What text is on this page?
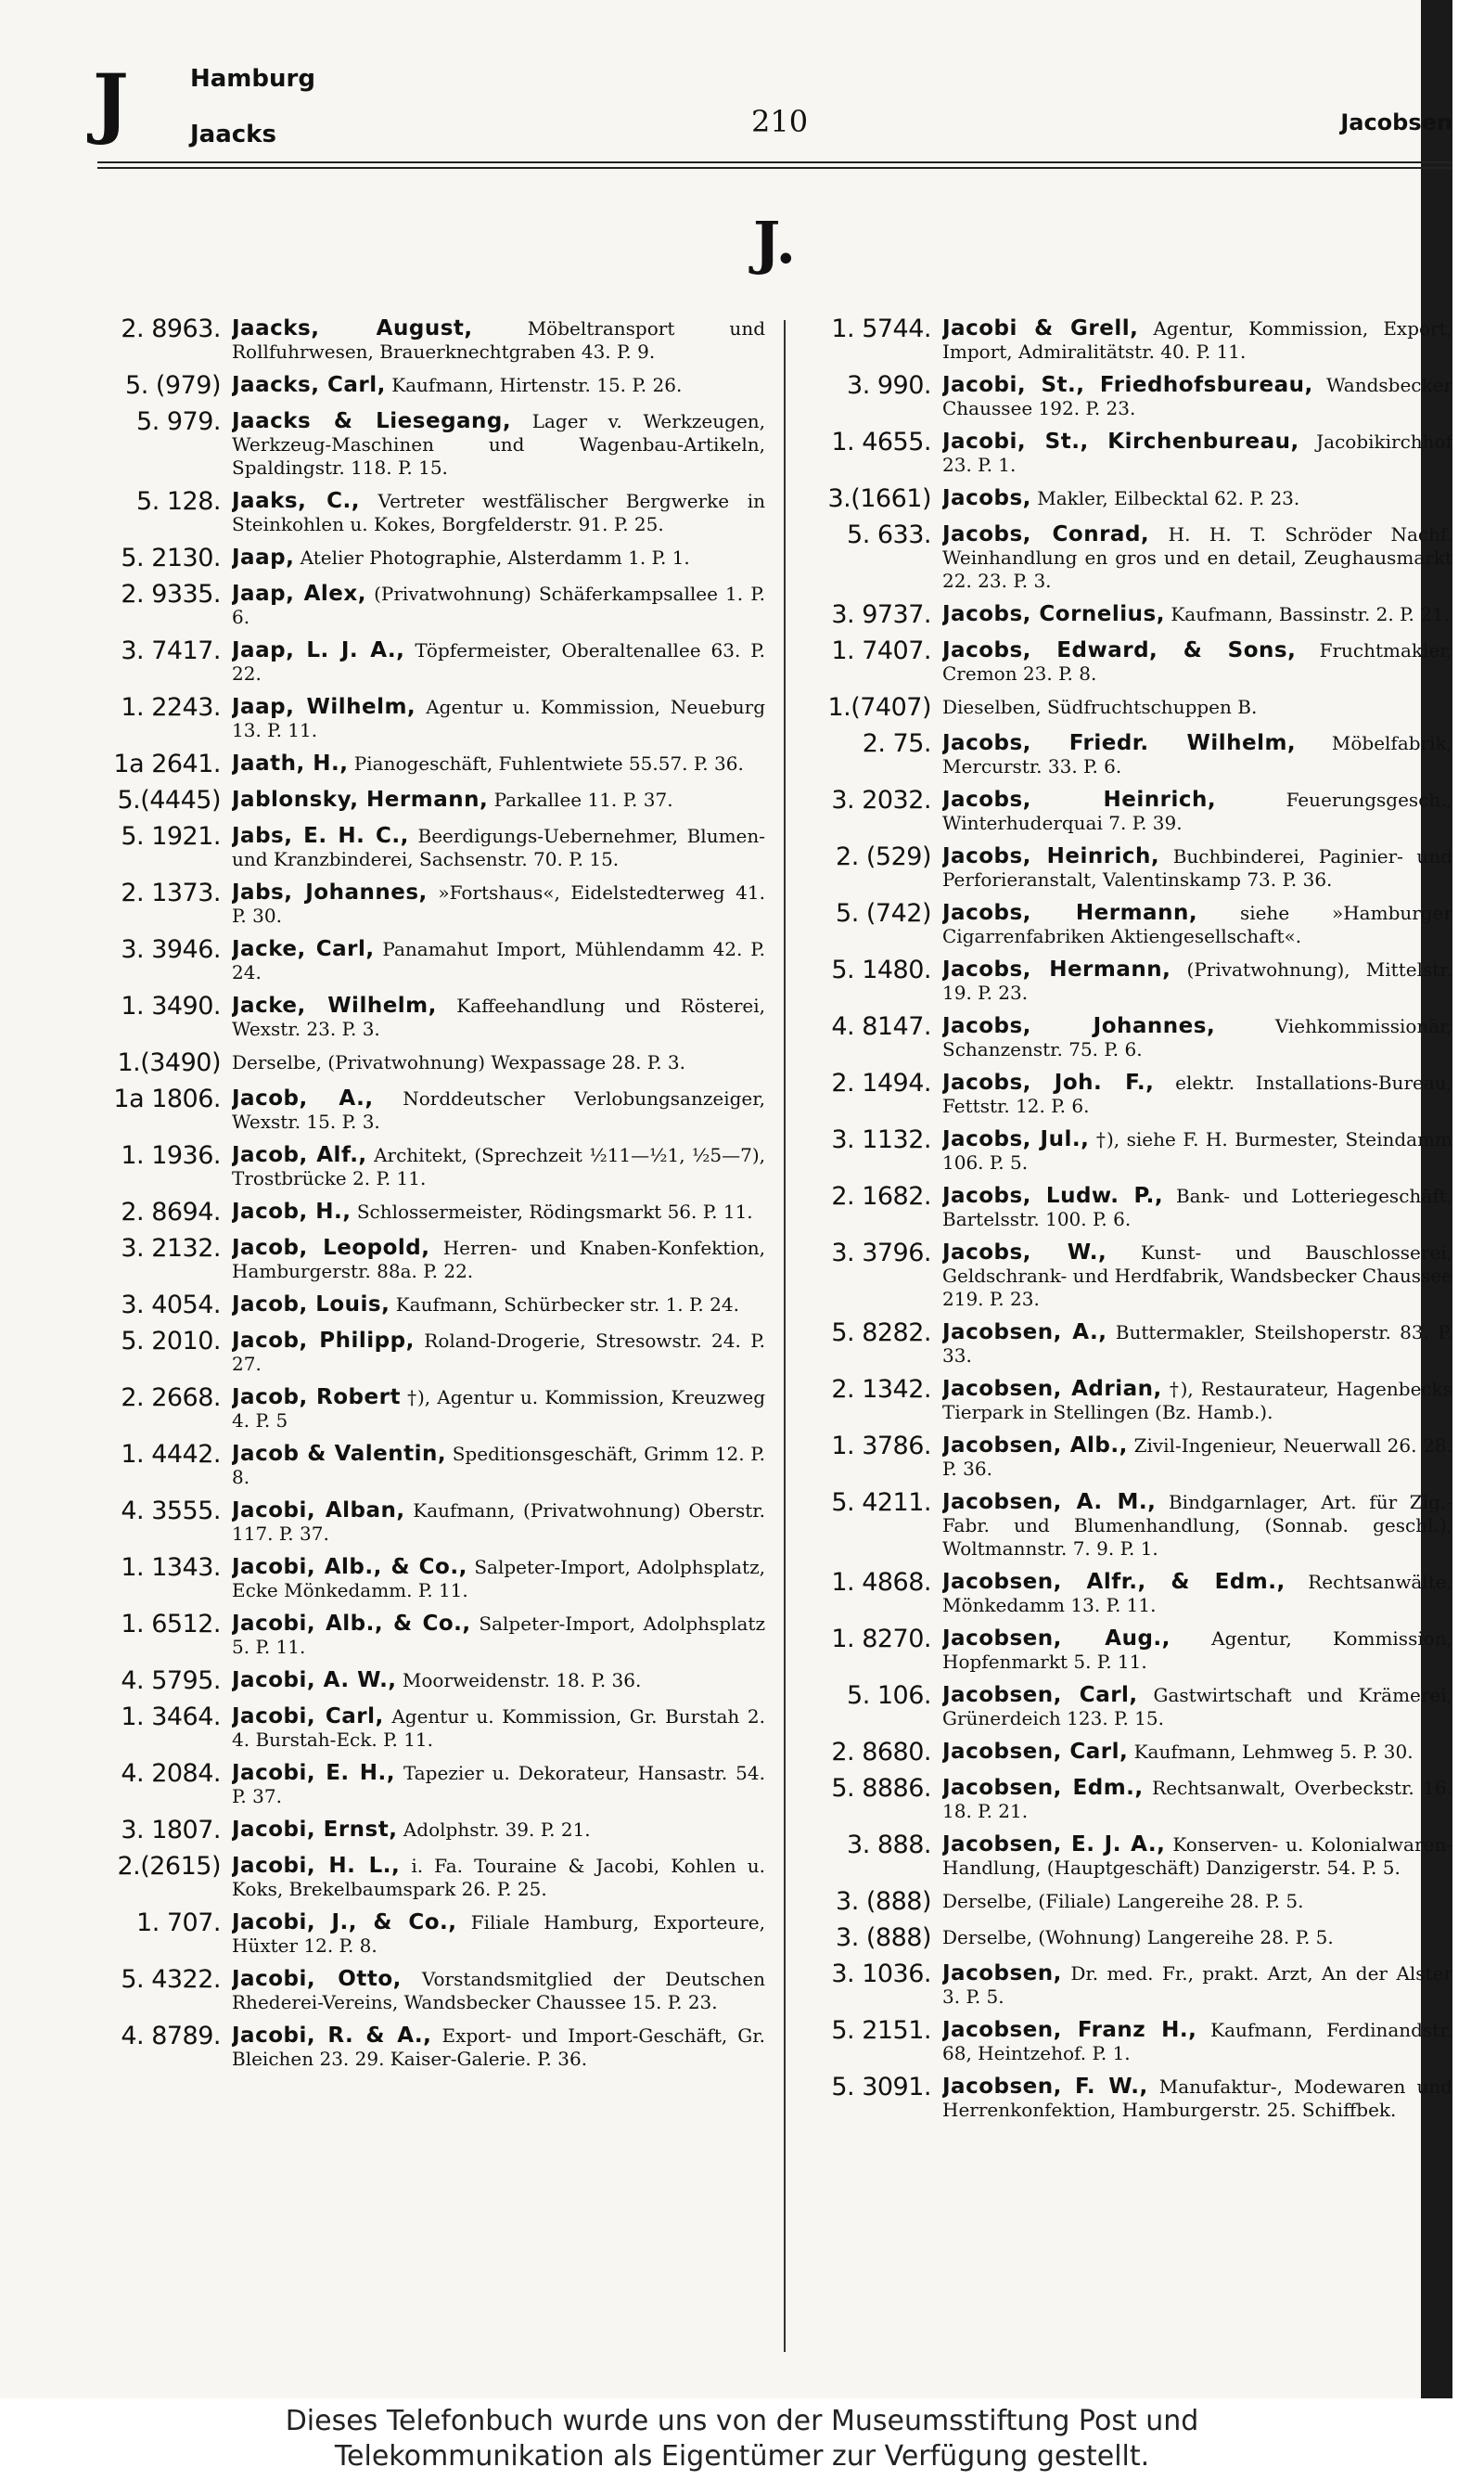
J	Hamburg
Jaacks	210	Jacobsen
J.
2. 8963. Jaacks, August,	Möbeltransport und Rollfuhrwesen, Brauerknechtgraben 43. P. 9.
5. (979) Jaacks, Carl, Kaufmann, Hirtenstr. 15. P. 26.
5. 979. Jaacks & Liesegang, Lager v. Werkzeugen, Werkzeug-Maschinen und Wagenbau-Artikeln, Spaldingstr. 118. P. 15.
5. 128. Jaaks, C., Vertreter westfälischer Bergwerke in Steinkohlen u. Kokes, Borgfelderstr. 91. P. 25.
5. 2130. Jaap, Atelier Photographie, Alsterdamm 1. P. 1.
2. 9335. Jaap, Alex, (Privatwohnung) Schäferkampsallee 1. P. 6.
3. 7417. Jaap, L. J. A., Töpfermeister, Oberaltenallee 63. P. 22.
1. 2243. Jaap, Wilhelm, Agentur u. Kommission, Neueburg 13. P. 11.
1a 2641. Jaath, H., Pianogeschäft, Fuhlentwiete 55.57. P. 36.
5.(4445) Jablonsky, Hermann, Parkallee 11. P. 37.
5. 1921. Jabs, E. H. C., Beerdigungs-Uebernehmer, Blumen- und Kranzbinderei, Sachsenstr. 70. P. 15.
2. 1373. Jabs, Johannes, »Fortshaus«, Eidelstedterweg 41. P. 30.
3. 3946. Jacke, Carl, Panamahut Import, Mühlendamm 42. P. 24.
1. 3490. Jacke, Wilhelm, Kaffeehandlung und Rösterei, Wexstr. 23. P. 3.
1.(3490) Derselbe, (Privatwohnung) Wexpassage 28. P. 3.
1a 1806. Jacob, A., Norddeutscher Verlobungsanzeiger, Wexstr. 15. P. 3.
1. 1936. Jacob, Alf., Architekt, (Sprechzeit ½11—½1, ½5—7), Trostbrücke 2. P. 11.
2. 8694. Jacob, H., Schlossermeister, Rödingsmarkt 56. P. 11.
3. 2132. Jacob, Leopold, Herren- und Knaben-Konfektion, Hamburgerstr. 88a. P. 22.
3. 4054. Jacob, Louis, Kaufmann, Schürbecker str. 1. P. 24.
5. 2010. Jacob, Philipp, Roland-Drogerie, Stresowstr. 24. P. 27.
2. 2668. Jacob, Robert †), Agentur u. Kommission, Kreuzweg 4. P. 5
1. 4442. Jacob & Valentin, Speditionsgeschäft, Grimm 12. P. 8.
4. 3555. Jacobi, Alban, Kaufmann, (Privatwohnung) Oberstr. 117. P. 37.
1. 1343. Jacobi, Alb., & Co., Salpeter-Import, Adolphsplatz, Ecke Mönkedamm. P. 11.
1. 6512. Jacobi, Alb., & Co., Salpeter-Import, Adolphsplatz 5. P. 11.
4. 5795. Jacobi, A. W., Moorweidenstr. 18. P. 36.
1. 3464. Jacobi, Carl, Agentur u. Kommission, Gr. Burstah 2. 4. Burstah-Eck. P. 11.
4. 2084. Jacobi, E. H., Tapezier u. Dekorateur, Hansastr. 54. P. 37.
3. 1807. Jacobi, Ernst, Adolphstr. 39. P. 21.
2.(2615) Jacobi, H. L., i. Fa. Touraine & Jacobi, Kohlen u. Koks, Brekelbaumspark 26. P. 25.
1. 707. Jacobi, J., & Co., Filiale Hamburg, Exporteure, Hüxter 12. P. 8.
5. 4322. Jacobi, Otto, Vorstandsmitglied der Deutschen Rhederei-Vereins, Wandsbecker Chaussee 15. P. 23.
4. 8789. Jacobi, R. & A., Export- und Import-Geschäft, Gr. Bleichen 23. 29. Kaiser-Galerie. P. 36.
1. 5744. Jacobi & Grell, Agentur, Kommission, Export, Import, Admiralitätstr. 40. P. 11.
3. 990. Jacobi, St., Friedhofsbureau, Wandsbecker Chaussee 192. P. 23.
1. 4655. Jacobi, St., Kirchenbureau, Jacobikirchhof 23. P. 1.
3.(1661) Jacobs, Makler, Eilbecktal 62. P. 23.
5. 633. Jacobs, Conrad, H. H. T. Schröder Nachf. Weinhandlung en gros und en detail, Zeughausmarkt 22. 23. P. 3.
3. 9737. Jacobs, Cornelius, Kaufmann, Bassinstr. 2. P. 21.
1. 7407. Jacobs, Edward, & Sons, Fruchtmakler, Cremon 23. P. 8.
1.(7407) Dieselben, Südfruchtschuppen B.
2. 75. Jacobs, Friedr. Wilhelm, Möbelfabrik, Mercurstr. 33. P. 6.
3. 2032. Jacobs, Heinrich,	Feuerungsgesch., Winterhuderquai 7. P. 39.
2. (529) Jacobs, Heinrich, Buchbinderei, Paginier- und Perforieranstalt, Valentinskamp 73. P. 36.
5. (742) Jacobs, Hermann, siehe »Hamburger Cigarrenfabriken Aktiengesellschaft«.
5. 1480. Jacobs, Hermann, (Privatwohnung), Mittelstr. 19. P. 23.
4. 8147. Jacobs, Johannes,	Viehkommissionär, Schanzenstr. 75. P. 6.
2. 1494. Jacobs, Joh. F., elektr. Installations-Bureau, Fettstr. 12. P. 6.
3. 1132. Jacobs, Jul., †), siehe F. H. Burmester, Steindamm 106. P. 5.
2. 1682. Jacobs, Ludw. P., Bank- und Lotteriegeschäft, Bartelsstr. 100. P. 6.
3. 3796. Jacobs, W., Kunst- und Bauschlosserei, Geldschrank- und Herdfabrik, Wandsbecker Chaussee 219. P. 23.
5. 8282. Jacobsen, A., Buttermakler, Steilshoperstr. 83. P. 33.
2. 1342. Jacobsen, Adrian, †), Restaurateur, Hagenbecks Tierpark in Stellingen (Bz. Hamb.).
1. 3786. Jacobsen, Alb., Zivil-Ingenieur, Neuerwall 26. 28. P. 36.
5. 4211. Jacobsen, A. M., Bindgarnlager, Art. für Zig.-Fabr. und Blumenhandlung, (Sonnab. geschl.), Woltmannstr. 7. 9. P. 1.
1. 4868. Jacobsen, Alfr., & Edm., Rechtsanwälte, Mönkedamm 13. P. 11.
1. 8270. Jacobsen, Aug., Agentur, Kommission, Hopfenmarkt 5. P. 11.
5. 106. Jacobsen, Carl, Gastwirtschaft und Krämerei, Grünerdeich 123. P. 15.
2. 8680. Jacobsen, Carl, Kaufmann, Lehmweg 5. P. 30.
5. 8886. Jacobsen, Edm., Rechtsanwalt, Overbeckstr. 16. 18. P. 21.
3. 888. Jacobsen, E. J. A., Konserven- u. Kolonialwaren-Handlung, (Hauptgeschäft) Danzigerstr. 54. P. 5.
3. (888) Derselbe, (Filiale) Langereihe 28. P. 5.
3. (888) Derselbe, (Wohnung) Langereihe 28. P. 5.
3. 1036. Jacobsen, Dr. med. Fr., prakt. Arzt, An der Alster 3. P. 5.
5. 2151. Jacobsen, Franz H., Kaufmann, Ferdinandstr. 68, Heintzehof. P. 1.
5. 3091. Jacobsen, F. W., Manufaktur-, Modewaren und Herrenkonfektion, Hamburgerstr. 25. Schiffbek.
Dieses Telefonbuch wurde uns von der Museumsstiftung Post und
Telekommunikation als Eigentümer zur Verfügung gestellt.
